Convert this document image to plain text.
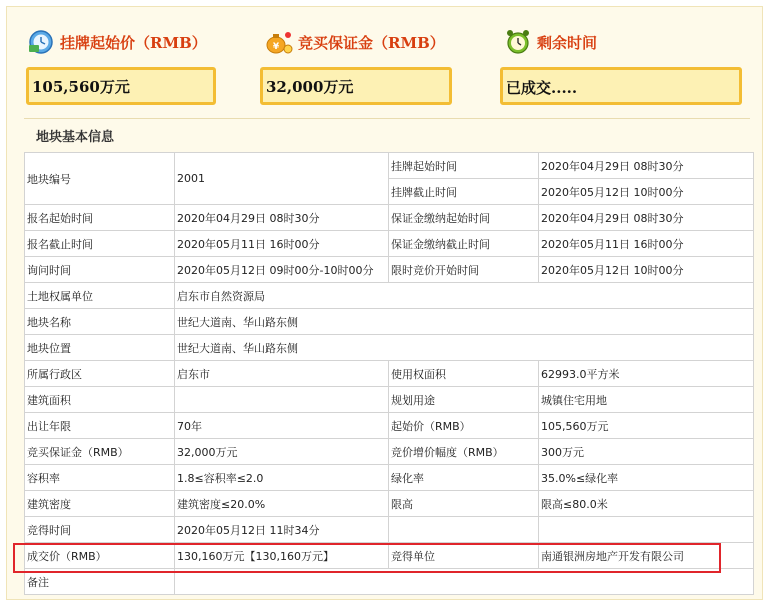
挂牌起始价（RMB）	¥ 竞买保证金（RMB）	剩余时间
105,560万元	32,000万元	已成交.....
地块基本信息
地块编号	2001	挂牌起始时间	2020年04月29日 08时30分
		挂牌截止时间	2020年05月12日 10时00分
报名起始时间	2020年04月29日 08时30分	保证金缴纳起始时间	2020年04月29日 08时30分
报名截止时间	2020年05月11日 16时00分	保证金缴纳截止时间	2020年05月11日 16时00分
询问时间	2020年05月12日 09时00分-10时00分	限时竞价开始时间	2020年05月12日 10时00分
土地权属单位	启东市自然资源局		
地块名称	世纪大道南、华山路东侧		
地块位置	世纪大道南、华山路东侧		
所属行政区	启东市	使用权面积	62993.0平方米
建筑面积		规划用途	城镇住宅用地
出让年限	70年	起始价（RMB）	105,560万元
竞买保证金（RMB）	32,000万元	竞价增价幅度（RMB）	300万元
容积率	1.8≤容积率≤2.0	绿化率	35.0%≤绿化率
建筑密度	建筑密度≤20.0%	限高	限高≤80.0米
竞得时间	2020年05月12日 11时34分		
成交价（RMB）	130,160万元【130,160万元】	竞得单位	南通银洲房地产开发有限公司
备注			
